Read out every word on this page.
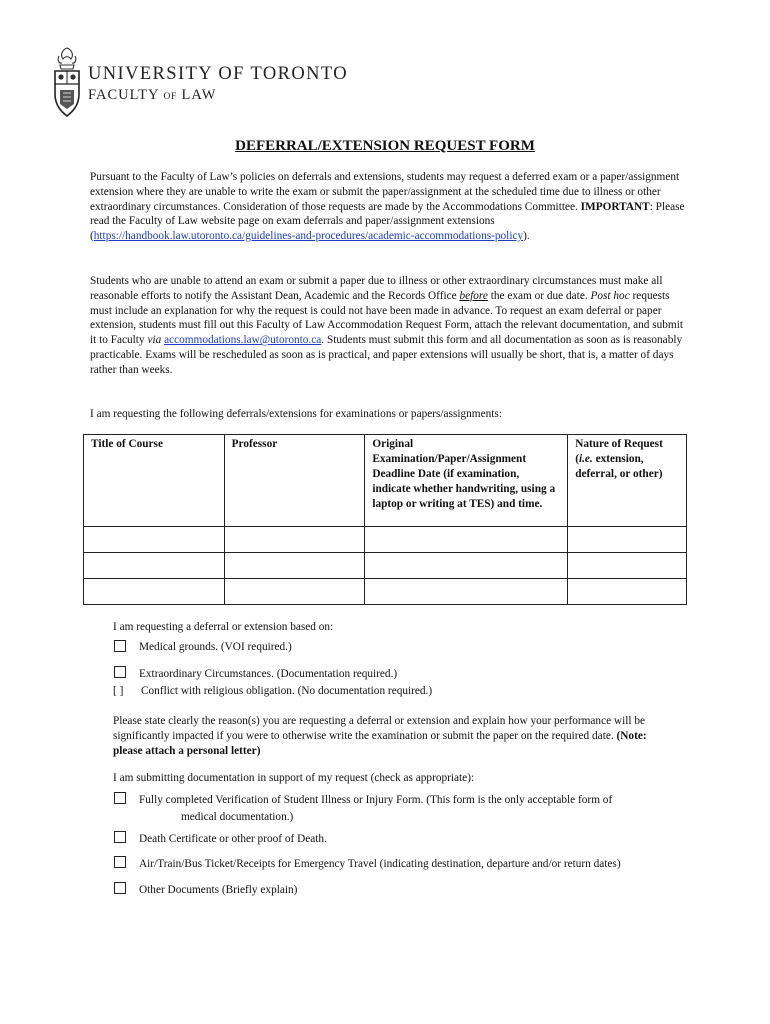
UNIVERSITY OF TORONTO
FACULTY OF LAW
DEFERRAL/EXTENSION REQUEST FORM
Pursuant to the Faculty of Law’s policies on deferrals and extensions, students may request a deferred exam or a paper/assignment extension where they are unable to write the exam or submit the paper/assignment at the scheduled time due to illness or other extraordinary circumstances. Consideration of those requests are made by the Accommodations Committee. IMPORTANT: Please read the Faculty of Law website page on exam deferrals and paper/assignment extensions (https://handbook.law.utoronto.ca/guidelines-and-procedures/academic-accommodations-policy).
Students who are unable to attend an exam or submit a paper due to illness or other extraordinary circumstances must make all reasonable efforts to notify the Assistant Dean, Academic and the Records Office before the exam or due date. Post hoc requests must include an explanation for why the request is could not have been made in advance. To request an exam deferral or paper extension, students must fill out this Faculty of Law Accommodation Request Form, attach the relevant documentation, and submit it to Faculty via accommodations.law@utoronto.ca. Students must submit this form and all documentation as soon as is reasonably practicable. Exams will be rescheduled as soon as is practical, and paper extensions will usually be short, that is, a matter of days rather than weeks.
I am requesting the following deferrals/extensions for examinations or papers/assignments:
Title of Course	Professor	Original Examination/Paper/Assignment Deadline Date (if examination, indicate whether handwriting, using a laptop or writing at TES) and time.	Nature of Request (i.e. extension, deferral, or other)

I am requesting a deferral or extension based on:
Medical grounds. (VOI required.)
Extraordinary Circumstances. (Documentation required.)
[ ] Conflict with religious obligation. (No documentation required.)
Please state clearly the reason(s) you are requesting a deferral or extension and explain how your performance will be significantly impacted if you were to otherwise write the examination or submit the paper on the required date. (Note: please attach a personal letter)
I am submitting documentation in support of my request (check as appropriate):
Fully completed Verification of Student Illness or Injury Form. (This form is the only acceptable form of
medical documentation.)
Death Certificate or other proof of Death.
Air/Train/Bus Ticket/Receipts for Emergency Travel (indicating destination, departure and/or return dates)
Other Documents (Briefly explain)
